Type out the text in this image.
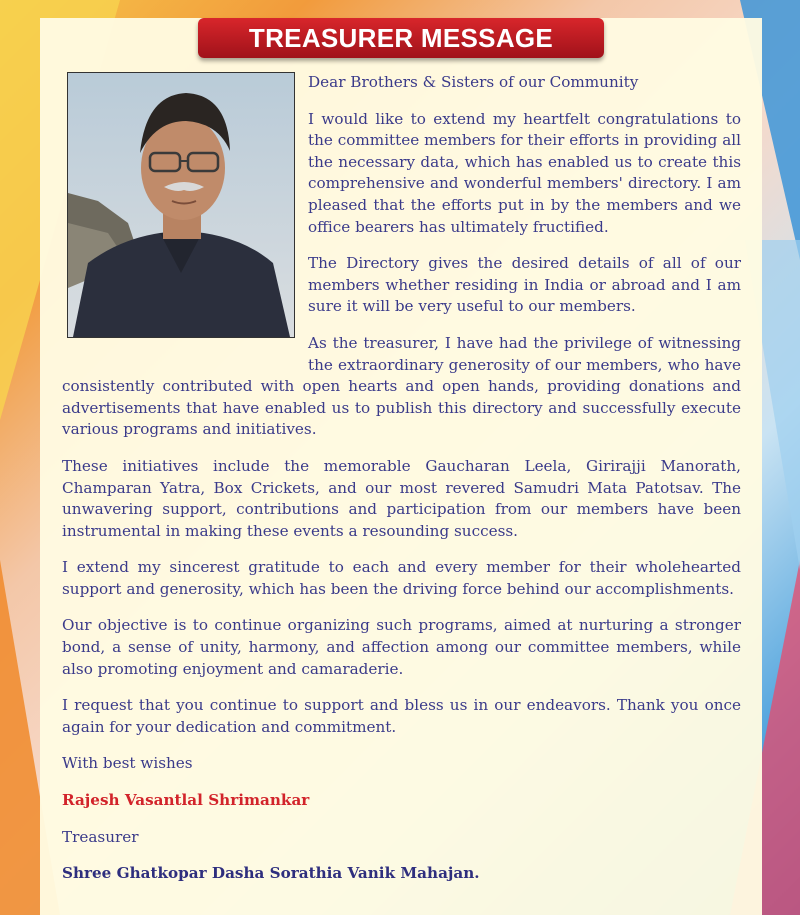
TREASURER MESSAGE

Dear Brothers & Sisters of our Community

I would like to extend my heartfelt congratulations to the committee members for their efforts in providing all the necessary data, which has enabled us to create this comprehensive and wonderful members' directory. I am pleased that the efforts put in by the members and we office bearers has ultimately fructified.

The Directory gives the desired details of all of our members whether residing in India or abroad and I am sure it will be very useful to our members.

As the treasurer, I have had the privilege of witnessing the extraordinary generosity of our members, who have consistently contributed with open hearts and open hands, providing donations and advertisements that have enabled us to publish this directory and successfully execute various programs and initiatives.

These initiatives include the memorable Gaucharan Leela, Girirajji Manorath, Champaran Yatra, Box Crickets, and our most revered Samudri Mata Patotsav. The unwavering support, contributions and participation from our members have been instrumental in making these events a resounding success.

I extend my sincerest gratitude to each and every member for their wholehearted support and generosity, which has been the driving force behind our accomplishments.

Our objective is to continue organizing such programs, aimed at nurturing a stronger bond, a sense of unity, harmony, and affection among our committee members, while also promoting enjoyment and camaraderie.

I request that you continue to support and bless us in our endeavors. Thank you once again for your dedication and commitment.

With best wishes

Rajesh Vasantlal Shrimankar

Treasurer

Shree Ghatkopar Dasha Sorathia Vanik Mahajan.
